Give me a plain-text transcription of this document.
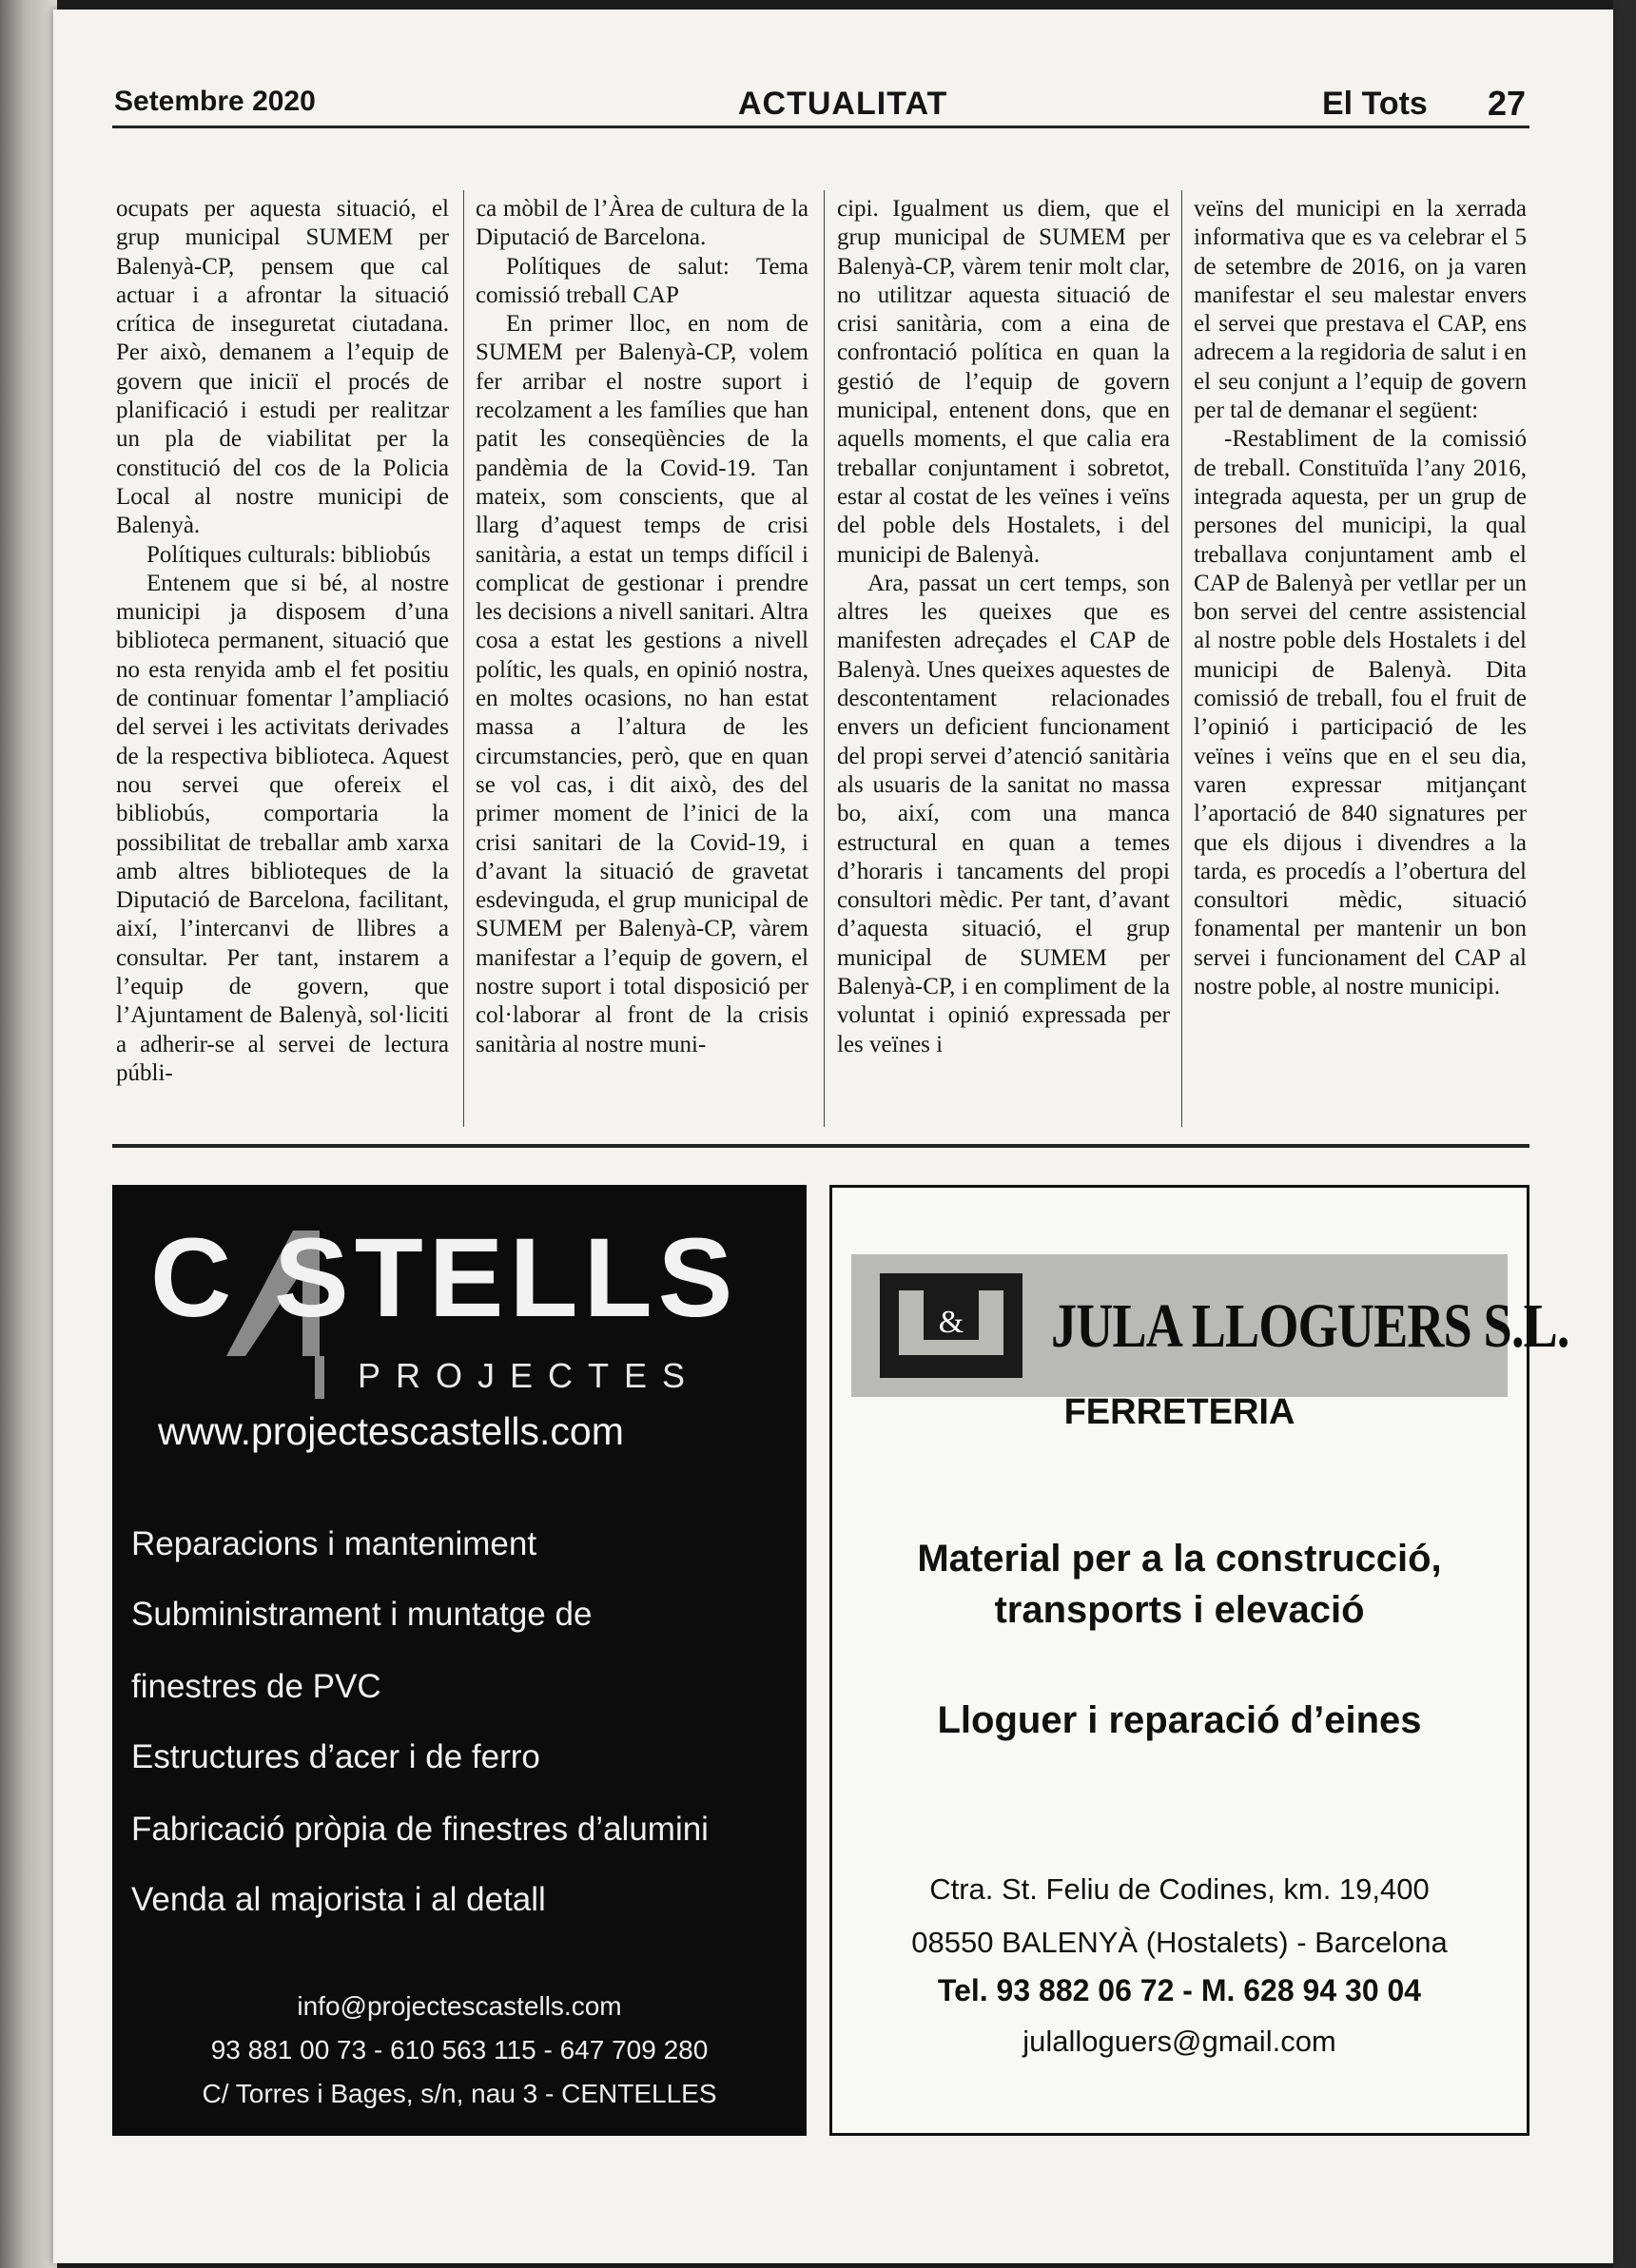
Setembre 2020	ACTUALITAT	El Tots 27

ocupats per aquesta situació, el grup municipal SUMEM per Balenyà-CP, pensem que cal actuar i a afrontar la situació crítica de inseguretat ciutadana. Per això, demanem a l’equip de govern que iniciï el procés de planificació i estudi per realitzar un pla de viabilitat per la constitució del cos de la Policia Local al nostre municipi de Balenyà.

Polítiques culturals: bibliobús

Entenem que si bé, al nostre municipi ja disposem d’una biblioteca permanent, situació que no esta renyida amb el fet positiu de continuar fomentar l’ampliació del servei i les activitats derivades de la respectiva biblioteca. Aquest nou servei que ofereix el bibliobús, comportaria la possibilitat de treballar amb xarxa amb altres biblioteques de la Diputació de Barcelona, facilitant, així, l’intercanvi de llibres a consultar. Per tant, instarem a l’equip de govern, que l’Ajuntament de Balenyà, sol·liciti a adherir-se al servei de lectura públi-

ca mòbil de l’Àrea de cultura de la Diputació de Barcelona.

Polítiques de salut: Tema comissió treball CAP

En primer lloc, en nom de SUMEM per Balenyà-CP, volem fer arribar el nostre suport i recolzament a les famílies que han patit les conseqüències de la pandèmia de la Covid-19. Tan mateix, som conscients, que al llarg d’aquest temps de crisi sanitària, a estat un temps difícil i complicat de gestionar i prendre les decisions a nivell sanitari. Altra cosa a estat les gestions a nivell polític, les quals, en opinió nostra, en moltes ocasions, no han estat massa a l’altura de les circumstancies, però, que en quan se vol cas, i dit això, des del primer moment de l’inici de la crisi sanitari de la Covid-19, i d’avant la situació de gravetat esdevinguda, el grup municipal de SUMEM per Balenyà-CP, vàrem manifestar a l’equip de govern, el nostre suport i total disposició per col·laborar al front de la crisis sanitària al nostre muni-

cipi. Igualment us diem, que el grup municipal de SUMEM per Balenyà-CP, vàrem tenir molt clar, no utilitzar aquesta situació de crisi sanitària, com a eina de confrontació política en quan la gestió de l’equip de govern municipal, entenent dons, que en aquells moments, el que calia era treballar conjuntament i sobretot, estar al costat de les veïnes i veïns del poble dels Hostalets, i del municipi de Balenyà.

Ara, passat un cert temps, son altres les queixes que es manifesten adreçades el CAP de Balenyà. Unes queixes aquestes de descontentament relacionades envers un deficient funcionament del propi servei d’atenció sanitària als usuaris de la sanitat no massa bo, així, com una manca estructural en quan a temes d’horaris i tancaments del propi consultori mèdic. Per tant, d’avant d’aquesta situació, el grup municipal de SUMEM per Balenyà-CP, i en compliment de la voluntat i opinió expressada per les veïnes i

veïns del municipi en la xerrada informativa que es va celebrar el 5 de setembre de 2016, on ja varen manifestar el seu malestar envers el servei que prestava el CAP, ens adrecem a la regidoria de salut i en el seu conjunt a l’equip de govern per tal de demanar el següent:

-Restabliment de la comissió de treball. Constituïda l’any 2016, integrada aquesta, per un grup de persones del municipi, la qual treballava conjuntament amb el CAP de Balenyà per vetllar per un bon servei del centre assistencial al nostre poble dels Hostalets i del municipi de Balenyà. Dita comissió de treball, fou el fruit de l’opinió i participació de les veïnes i veïns que en el seu dia, varen expressar mitjançant l’aportació de 840 signatures per que els dijous i divendres a la tarda, es procedís a l’obertura del consultori mèdic, situació fonamental per mantenir un bon servei i funcionament del CAP al nostre poble, al nostre municipi.

C STELLS
PROJECTES
www.projectescastells.com
Reparacions i manteniment
Subministrament i muntatge de
finestres de PVC
Estructures d’acer i de ferro
Fabricació pròpia de finestres d’alumini
Venda al majorista i al detall
info@projectescastells.com
93 881 00 73 - 610 563 115 - 647 709 280
C/ Torres i Bages, s/n, nau 3 - CENTELLES
& JULA LLOGUERS S.L.
FERRETERIA
Material per a la construcció,
transports i elevació
Lloguer i reparació d’eines
Ctra. St. Feliu de Codines, km. 19,400
08550 BALENYÀ (Hostalets) - Barcelona
Tel. 93 882 06 72 - M. 628 94 30 04
julalloguers@gmail.com
